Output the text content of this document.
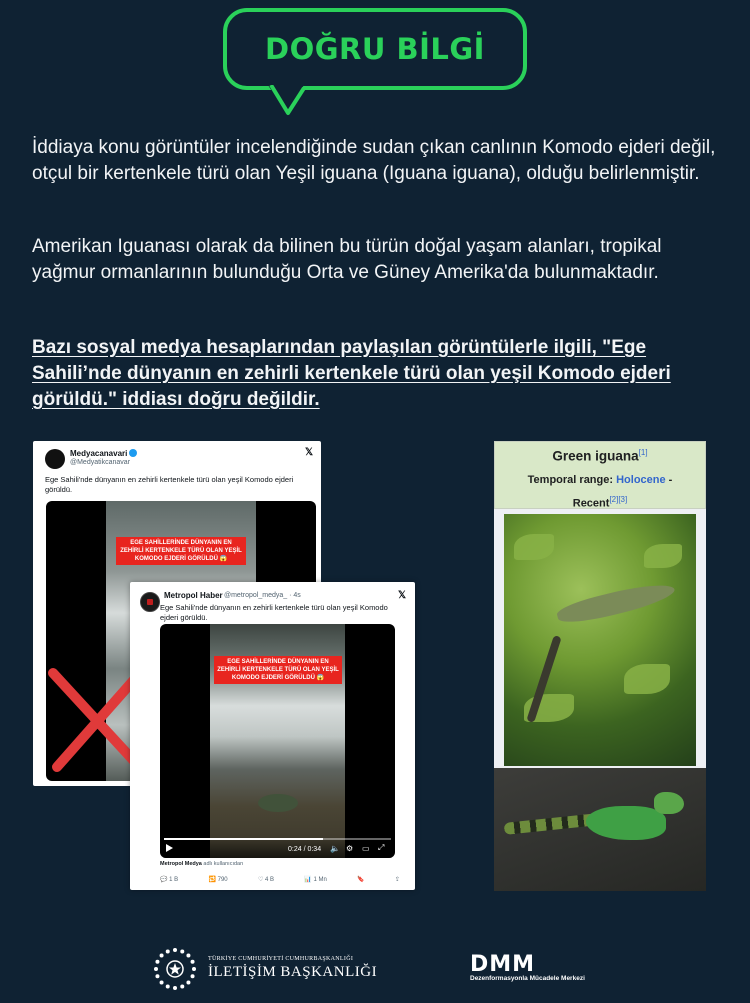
DOĞRU BİLGİ
İddiaya konu görüntüler incelendiğinde sudan çıkan canlının Komodo ejderi değil, otçul bir kertenkele türü olan Yeşil iguana (Iguana iguana), olduğu belirlenmiştir.
Amerikan Iguanası olarak da bilinen bu türün doğal yaşam alanları, tropikal yağmur ormanlarının bulunduğu Orta ve Güney Amerika'da bulunmaktadır.
Bazı sosyal medya hesaplarından paylaşılan görüntülerle ilgili, "Ege Sahili’nde dünyanın en zehirli kertenkele türü olan yeşil Komodo ejderi görüldü." iddiası doğru değildir.
Medyacanavari
@Medyatikcanavar
𝕏
Ege Sahili'nde dünyanın en zehirli kertenkele türü olan yeşil Komodo ejderi görüldü.
EGE SAHİLLERİNDE DÜNYANIN EN ZEHİRLİ KERTENKELE TÜRÜ OLAN YEŞİL KOMODO EJDERİ GÖRÜLDÜ 😱
Metropol Haber @metropol_medya_ · 4s	𝕏
Ege Sahili'nde dünyanın en zehirli kertenkele türü olan yeşil Komodo ejderi görüldü.
EGE SAHİLLERİNDE DÜNYANIN EN ZEHİRLİ KERTENKELE TÜRÜ OLAN YEŞİL KOMODO EJDERİ GÖRÜLDÜ 😱
0:24 / 0:34 🔈 ⚙ ▭ ⤢
Metropol Medya adlı kullanıcıdan
💬 1 B	🔁 790	♡ 4 B	📊 1 Mn	🔖	⇪
Green iguana[1]
Temporal range: Holocene -
Recent[2][3]
TÜRKİYE CUMHURİYETİ CUMHURBAŞKANLIĞI
İLETİŞİM BAŞKANLIĞI	DMM
Dezenformasyonla Mücadele Merkezi
